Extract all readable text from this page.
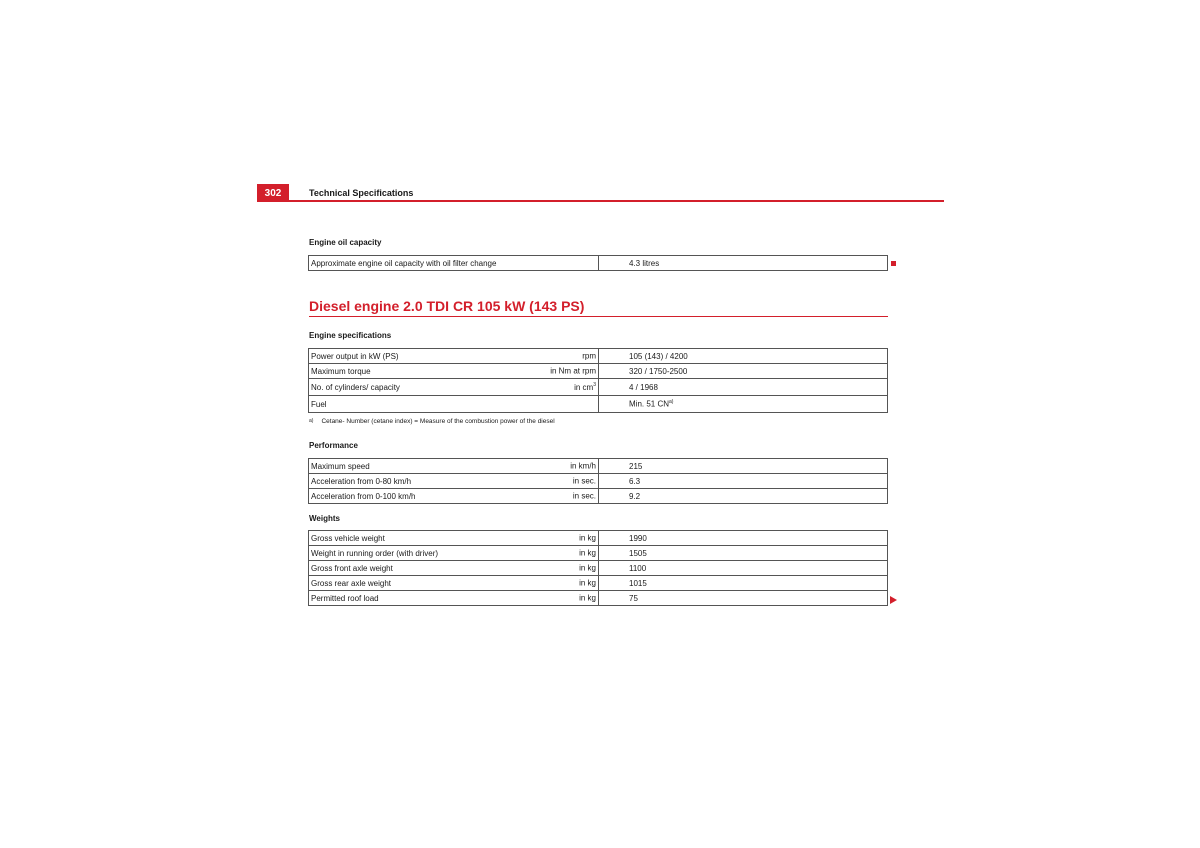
302	Technical Specifications
Engine oil capacity
Approximate engine oil capacity with oil filter change	4.3 litres
Diesel engine 2.0 TDI CR 105 kW (143 PS)
Engine specifications
Power output in kW (PS) rpm	105 (143) / 4200
Maximum torque in Nm at rpm	320 / 1750-2500
No. of cylinders/ capacity in $cm^3$	4 / 1968
Fuel	Min. 51 CN$^{a)}$
$^{a)}$ Cetane- Number (cetane index) = Measure of the combustion power of the diesel
Performance
Maximum speed in km/h	215
Acceleration from 0-80 km/h in sec.	6.3
Acceleration from 0-100 km/h in sec.	9.2
Weights
Gross vehicle weight in kg	1990
Weight in running order (with driver) in kg	1505
Gross front axle weight in kg	1100
Gross rear axle weight in kg	1015
Permitted roof load in kg	75
